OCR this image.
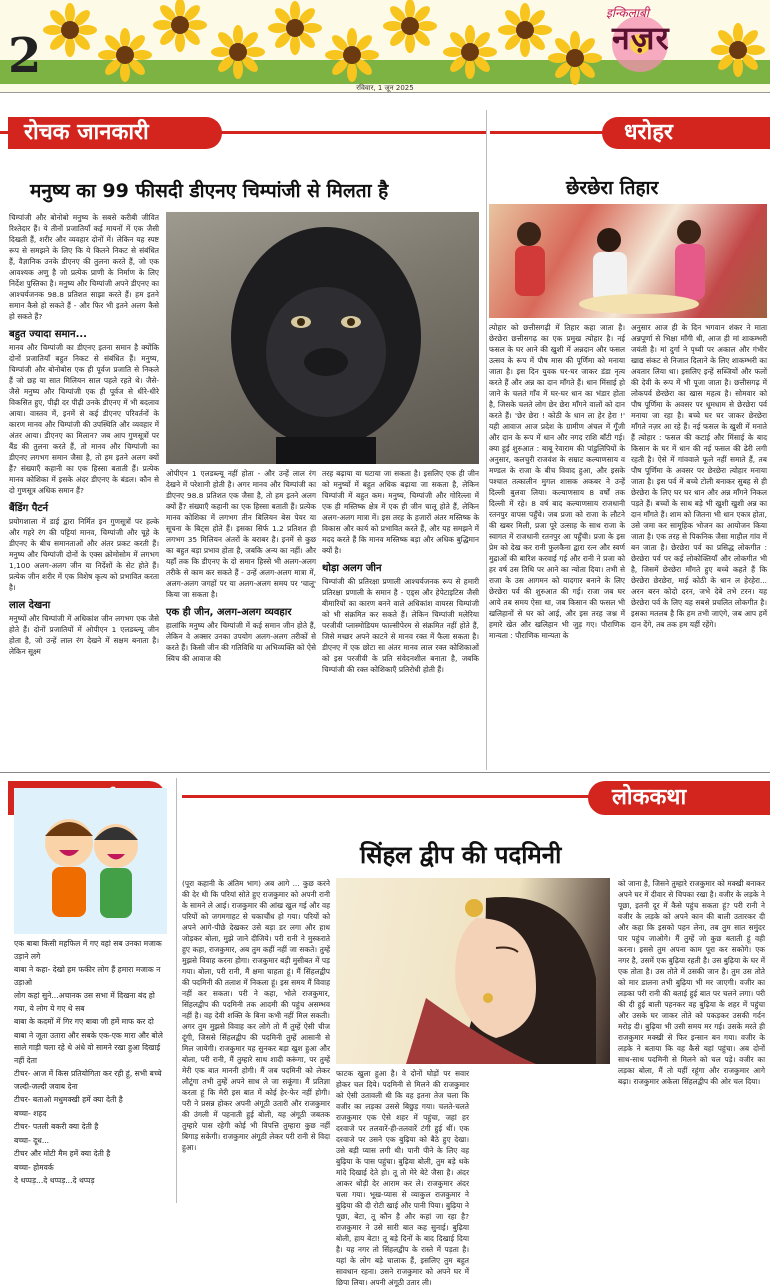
2
इन्किलाबी
नज़र
रविवार, 1 जून 2025
रोचक जानकारी
मनुष्य का 99 फीसदी डीएनए चिम्पांजी से मिलता है

चिम्पांजी और बोनोबो मनुष्य के सबसे करीबी जीवित रिश्तेदार हैं। ये तीनों प्रजातियाँ कई मायनों में एक जैसी दिखती हैं, शरीर और व्यवहार दोनों में। लेकिन यह स्पष्ट रूप से समझने के लिए कि ये कितने निकट से संबंधित हैं, वैज्ञानिक उनके डीएनए की तुलना करते हैं, जो एक आवश्यक अणु है जो प्रत्येक प्राणी के निर्माण के लिए निर्देश पुस्तिका है। मनुष्य और चिम्पांजी अपने डीएनए का आश्चर्यजनक 98.8 प्रतिशत साझा करते हैं। हम इतने समान कैसे हो सकते हैं - और फिर भी इतने अलग कैसे हो सकते हैं?

बहुत ज्यादा समान...

मानव और चिम्पांजी का डीएनए इतना समान है क्योंकि दोनों प्रजातियाँ बहुत निकट से संबंधित हैं। मनुष्य, चिम्पांजी और बोनोबोस एक ही पूर्वज प्रजाति से निकले हैं जो छह या सात मिलियन साल पहले रहते थे। जैसे-जैसे मनुष्य और चिम्पांजी एक ही पूर्वज से धीरे-धीरे विकसित हुए, पीढ़ी दर पीढ़ी उनके डीएनए में भी बदलाव आया। वास्तव में, इनमें से कई डीएनए परिवर्तनों के कारण मानव और चिम्पांजी की उपस्थिति और व्यवहार में अंतर आया। डीएनए का मिलान? जब आप गुणसूत्रों पर बैंड की तुलना करते हैं, तो मानव और चिम्पांजी का डीएनए लगभग समान जैसा है, तो हम इतने अलग क्यों हैं? संख्याएँ कहानी का एक हिस्सा बताती हैं। प्रत्येक मानव कोशिका में इसके अंदर डीएनए के बंडल। कौन से दो गुणसूत्र अधिक समान हैं?

बैंडिंग पैटर्न

प्रयोगशाला में डाई द्वारा निर्मित इन गुणसूत्रों पर हल्के और गहरे रंग की पट्टियां मानव, चिम्पांजी और चूहे के डीएनए के बीच समानताओं और अंतर प्रकट करती हैं। मनुष्य और चिम्पांजी दोनों के एक्स क्रोमोसोम में लगभग 1,100 अलग-अलग जीन या निर्देशों के सेट होते हैं। प्रत्येक जीन शरीर में एक विशेष कृत्य को प्रभावित करता है।

लाल देखना

मनुष्यों और चिम्पांजी में अधिकांश जीन लगभग एक जैसे होते हैं। दोनों प्रजातियों में ओपीएन 1 एलडब्ल्यू जीन होता है, जो उन्हें लाल रंग देखने में सक्षम बनाता है। लेकिन सूक्ष्म

ओपीएन 1 एलडब्ल्यू नहीं होता - और उन्हें लाल रंग देखने में परेशानी होती है। अगर मानव और चिम्पांजी का डीएनए 98.8 प्रतिशत एक जैसा है, तो हम इतने अलग क्यों हैं? संख्याएँ कहानी का एक हिस्सा बताती हैं। प्रत्येक मानव कोशिका में लगभग तीन बिलियन बेस पेयर या सूचना के बिट्स होते हैं। इसका सिर्फ 1.2 प्रतिशत ही लगभग 35 मिलियन अंतरों के बराबर है। इनमें से कुछ का बहुत बड़ा प्रभाव होता है, जबकि अन्य का नहीं। और यहाँ तक कि डीएनए के दो समान हिस्से भी अलग-अलग तरीके से काम कर सकते हैं - उन्हें अलग-अलग मात्रा में, अलग-अलग जगहों पर या अलग-अलग समय पर 'चालू' किया जा सकता है।

एक ही जीन, अलग-अलग व्यवहार

हालांकि मनुष्य और चिम्पांजी में कई समान जीन होते हैं, लेकिन वे अक्सर उनका उपयोग अलग-अलग तरीकों से करते हैं। किसी जीन की गतिविधि या अभिव्यक्ति को ऐसे स्विच की आवाज की

तरह बढ़ाया या घटाया जा सकता है। इसलिए एक ही जीन को मनुष्यों में बहुत अधिक बढ़ाया जा सकता है, लेकिन चिम्पांजी में बहुत कम। मनुष्य, चिम्पांजी और गोरिल्ला में एक ही मस्तिष्क क्षेत्र में एक ही जीन चालू होते हैं, लेकिन अलग-अलग मात्रा में। इस तरह के हजारों अंतर मस्तिष्क के विकास और कार्य को प्रभावित करते हैं, और यह समझने में मदद करते हैं कि मानव मस्तिष्क बड़ा और अधिक बुद्धिमान क्यों है।

थोड़ा अलग जीन

चिम्पांजी की प्रतिरक्षा प्रणाली आश्चर्यजनक रूप से हमारी प्रतिरक्षा प्रणाली के समान है - एड्स और हेपेटाइटिस जैसी बीमारियों का कारण बनने वाले अधिकांश वायरस चिम्पांजी को भी संक्रमित कर सकते हैं। लेकिन चिम्पांजी मलेरिया परजीवी प्लास्मोडियम फाल्सीपेरम से संक्रमित नहीं होते हैं, जिसे मच्छर अपने काटने से मानव रक्त में फैला सकता है। डीएनए में एक छोटा सा अंतर मानव लाल रक्त कोशिकाओं को इस परजीवी के प्रति संवेदनशील बनाता है, जबकि चिम्पांजी की रक्त कोशिकाएँ प्रतिरोधी होती हैं।

धरोहर
छेरछेरा तिहार
त्योहार को छत्तीसगढ़ी में तिहार कहा जाता है। छेरछेरा छत्तीसगढ़ का एक प्रमुख त्योहार है। नई फसल के घर आने की खुशी में अन्नदान और फसल उत्सव के रूप में पौष मास की पूर्णिमा को मनाया जाता है। इस दिन युवक घर-घर जाकर डंडा नृत्य करते हैं और अन्न का दान माँगते हैं। धान मिंसाई हो जाने के चलते गाँव में घर-घर धान का भंडार होता है, जिसके चलते लोग छेर छेरा माँगने वालों को दान करते हैं। 'छेर छेरा ! कोठी के धान ला हेर हेरा !' यही आवाज आज प्रदेश के ग्रामीण अंचल में गूँजी और दान के रूप में धान और नगद राशि बाँटी गई। क्या हुई शुरुआत : बाबू रेवाराम की पांडुलिपियों के अनुसार, कलचुरी राजवंश के सम्राट कल्याणसाय व मण्डल के राजा के बीच विवाद हुआ, और इसके पश्चात तत्कालीन मुगल शासक अकबर ने उन्हें दिल्ली बुलवा लिया। कल्याणसाय 8 वर्षों तक दिल्ली में रहे। 8 वर्ष बाद कल्याणसाय राजधानी रतनपुर वापस पहुँचे। जब प्रजा को राजा के लौटने की खबर मिली, प्रजा पूरे उत्साह के साथ राजा के स्वागत में राजधानी रतनपुर आ पहुँची। प्रजा के इस प्रेम को देख कर रानी फुलकैना द्वारा रत्न और स्वर्ण मुद्राओं की बारिश करवाई गई और रानी ने प्रजा को हर वर्ष उस तिथि पर आने का न्योता दिया। तभी से राजा के उस आगमन को यादगार बनाने के लिए छेरछेरा पर्व की शुरुआत की गई। राजा जब घर आये तब समय ऐसा था, जब किसान की फसल भी खलिहानों से घर को आई, और इस तरह जश्न में हमारे खेत और खलिहान भी जुड़ गए। पौराणिक मान्यता : पौराणिक मान्यता के
अनुसार आज ही के दिन भगवान शंकर ने माता अन्नपूर्णा से भिक्षा माँगी थी, आज ही मां शाकम्भरी जयंती है। मां दुर्गा ने पृथ्वी पर अकाल और गंभीर खाद्य संकट से निजात दिलाने के लिए शाकम्भरी का अवतार लिया था। इसलिए इन्हें सब्जियों और फलों की देवी के रूप में भी पूजा जाता है। छत्तीसगढ़ में लोकपर्व छेरछेरा का खास महत्व है। सोमवार को पौष पूर्णिमा के अवसर पर धूमधाम से छेरछेरा पर्व मनाया जा रहा है। बच्चे घर घर जाकर छेरछेरा माँगते नज़र आ रहे हैं। नई फसल के खुशी में मनाते हैं त्योहार : फसल की कटाई और मिंसाई के बाद किसान के घर में धान की नई फसल की ढेरी लगी रहती है। ऐसे में गांववाले फूले नहीं समाते हैं, तब पौष पूर्णिमा के अवसर पर छेरछेरा त्योहार मनाया जाता है। इस पर्व में बच्चे टोली बनाकर सुबह से ही छेरछेरा के लिए घर घर धान और अन्न माँगने निकल पड़ते हैं। बच्चों के साथ बड़े भी खुशी खुशी अन्न का दान माँगते हैं। शाम को जितना भी धान एकत्र होता, उसे जमा कर सामूहिक भोजन का आयोजन किया जाता है। एक तरह से पिकनिक जैसा माहौल गांव में बन जाता है। छेरछेरा पर्व का प्रसिद्ध लोकगीत : छेरछेरा पर्व पर कई लोकोक्तियाँ और लोकगीत भी है, जिसमें छेरछेरा माँगते हुए बच्चे कहते हैं कि छेरछेरा छेरछेरा, माई कोठी के धान ल हेरहेरा... अरन बरन कोदो दरन, जभे देबे तभे टरन। यह छेरछेरा पर्व के लिए यह सबसे प्रचलित लोकगीत है। इसका मतलब है कि हम तभी जाएंगे, जब आप हमें दान देंगे, तब तक हम यहीं रहेंगे।

एक बाबा किसी महफिल में गए वहां सब उनका मजाक उड़ाने लगे

बाबा ने कहा- देखो हम फकीर लोग हैं हमारा मजाक न उड़ाओ

लोग कहां सुने...अचानक उस सभा में दिखना बंद हो गया, ये लोग ये गए थे सब

बाबा के कदमों में गिर गए बाबा जी हमें माफ कर दो

बाबा ने जूता उतारा और सबके एक-एक मारा और बोले साले गाड़ी चला रहे थे अंधे वो सामने रखा हुआ दिखाई नहीं देता

टीचर- आज में किस प्रतियोगिता कर रही हूं, सभी बच्चे जल्दी-जल्दी जवाब देना

टीचर- बताओ मधुमक्खी हमें क्या देती है

बच्चा- शहद

टीचर- पतली बकरी क्या देती है

बच्चा- दूध...

टीचर और मोटी मैम हमें क्या देती है

बच्चा- होमवर्क

दे थप्पड़...दे थप्पड़...दे थप्पड़

लोककथा
सिंहल द्वीप की पदमिनी
(पूरा कहानी के अंतिम भाग) अब आगे ... कुछ करने की देर थी कि परियां सोते हुए राजकुमार को अपनी रानी के सामने ले आई। राजकुमार की आंख खुल गई और वह परियों को जगमगाहट से चकाचौंध हो गया। परियों को अपने आगे-पीछे देखकर उसे बड़ा डर लगा और हाथ जोड़कर बोला, मुझे जाने दीजिये। परी रानी ने मुस्कराते हुए कहा, राजकुमार, अब तुम कहीं नहीं जा सकते। तुम्हें मुझसे विवाह करना होगा। राजकुमार बड़ी मुसीबत में पड़ गया। बोला, परी रानी, मैं क्षमा चाहता हूं। मैं सिंहलद्वीप की पदमिनी की तलाश में निकला हूं। इस समय मैं विवाह नहीं कर सकता। परी ने कहा, भोले राजकुमार, सिंहलद्वीप की पदमिनी तक आदमी की पहुंच असम्भव नहीं है। वह देवी शक्ति के बिना कभी नहीं मिल सकती। अगर तुम मुझसे विवाह कर लोगे तो मैं तुम्हें ऐसी चीज दूंगी, जिससे सिंहलद्वीप की पदमिनी तुम्हें आसानी से मिल जायेगी। राजकुमार यह सुनकर बड़ा खुश हुआ और बोला, परी रानी, मैं तुम्हारे साथ शादी करूंगा, पर तुम्हें मेरी एक बात माननी होगी। मैं जब पदमिनी को लेकर लौटूंगा तभी तुम्हें अपने साथ ले जा सकूंगा। मैं प्रतिज्ञा करता हूं कि मेरी इस बात में कोई हेर-फेर नहीं होगी। परी ने प्रसन्न होकर अपनी अंगूठी उतारी और राजकुमार की उंगली में पहनाती हुई बोली, यह अंगूठी जबतक तुम्हारे पास रहेगी कोई भी विपत्ति तुम्हारा कुछ नहीं बिगाड़ सकेगी। राजकुमार अंगूठी लेकर परी रानी से विदा हुआ।
फाटक खुला हुआ है। वे दोनों घोड़ों पर सवार होकर चल दिये। पदमिनी से मिलने की राजकुमार को ऐसी उतावली थी कि वह इतना तेज चला कि वजीर का लड़का उससे बिछुड़ गया। चलते-चलते राजकुमार एक ऐसे शहर में पहुंचा, जहां हर दरवाजे पर तलवारें-ही-तलवारें टंगी हुई थीं। एक दरवाजे पर उसने एक बुढ़िया को बैठे हुए देखा। उसे बड़ी प्यास लगी थी। पानी पीने के लिए वह बुढ़िया के पास पहुंचा। बुढ़िया बोली, तुम बड़े थके मांदे दिखाई देते हो। तू तो मेरे बेटे जैसा है। अंदर आकर थोड़ी देर आराम कर ले। राजकुमार अंदर चला गया। भूख-प्यास से व्याकुल राजकुमार ने बुढ़िया की दी रोटी खाई और पानी पिया। बुढ़िया ने पूछा, बेटा, तू कौन है और कहां जा रहा है? राजकुमार ने उसे सारी बात कह सुनाई। बुढ़िया बोली, हाय बेटा! तू बड़े दिनों के बाद दिखाई दिया है। यह नगर तो सिंहलद्वीप के रास्ते में पड़ता है। यहां के लोग बड़े चालाक हैं, इसलिए तुम बहुत सावधान रहना। उसने राजकुमार को अपने घर में छिपा लिया। अपनी अंगूठी उतार ली।
को जाना है, जिसने तुम्हारे राजकुमार को मक्खी बनाकर अपने घर में दीवार से चिपका रखा है। वजीर के लड़के ने पूछा, इतनी दूर में कैसे पहुंच सकता हूं? परी रानी ने वजीर के लड़के को अपने कान की बाली उतारकर दी और कहा कि इसको पहन लेना, तब तुम सात समुंदर पार पहुंच जाओगे। मैं तुम्हें जो कुछ बताती हूं वही करना। इससे तुम अपना काम पूरा कर सकोगे। एक नगर है, उसमें एक बुढ़िया रहती है। उस बुढ़िया के घर में एक तोता है। उस तोते में उसकी जान है। तुम उस तोते को मार डालना तभी बुढ़िया भी मर जाएगी। वजीर का लड़का परी रानी की बताई हुई बात पर चलने लगा। परी की दी हुई बाली पहनकर वह बुढ़िया के शहर में पहुंचा और उसके घर जाकर तोते को पकड़कर उसकी गर्दन मरोड़ दी। बुढ़िया भी उसी समय मर गई। उसके मरते ही राजकुमार मक्खी से फिर इन्सान बन गया। वजीर के लड़के ने बताया कि वह कैसे यहां पहुंचा। अब दोनों साथ-साथ पदमिनी से मिलने को चल पड़े। वजीर का लड़का बोला, मैं तो यहीं रहूंगा और राजकुमार आगे बढ़ा। राजकुमार अकेला सिंहलद्वीप की ओर चल दिया।
